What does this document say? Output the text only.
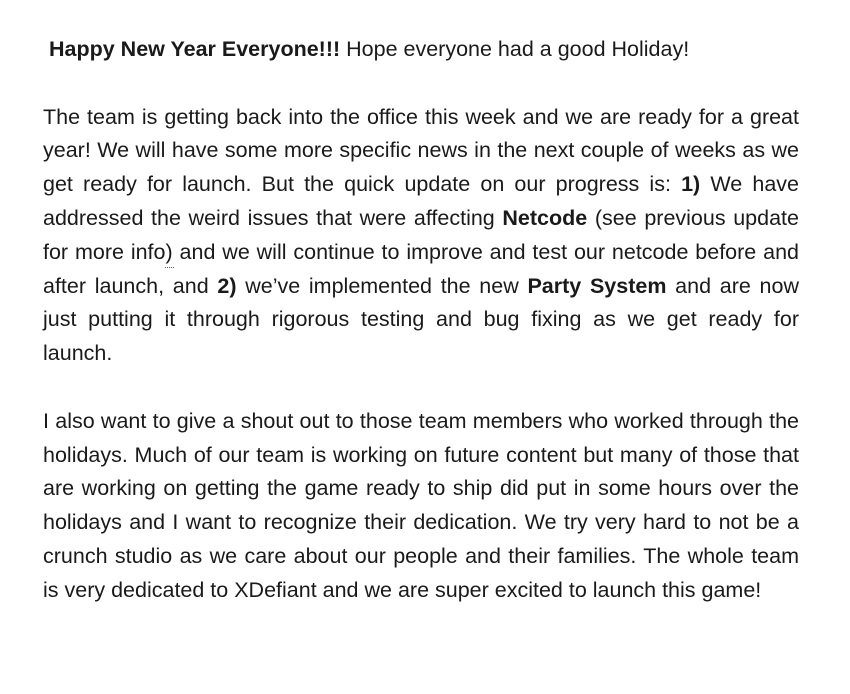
Happy New Year Everyone!!! Hope everyone had a good Holiday!

The team is getting back into the office this week and we are ready for a great year! We will have some more specific news in the next couple of weeks as we get ready for launch. But the quick update on our progress is: 1) We have addressed the weird issues that were affecting Netcode (see previous update for more info) and we will continue to improve and test our netcode before and after launch, and 2) we’ve implemented the new Party System and are now just putting it through rigorous testing and bug fixing as we get ready for launch.

I also want to give a shout out to those team members who worked through the holidays. Much of our team is working on future content but many of those that are working on getting the game ready to ship did put in some hours over the holidays and I want to recognize their dedication. We try very hard to not be a crunch studio as we care about our people and their families. The whole team is very dedicated to XDefiant and we are super excited to launch this game!
